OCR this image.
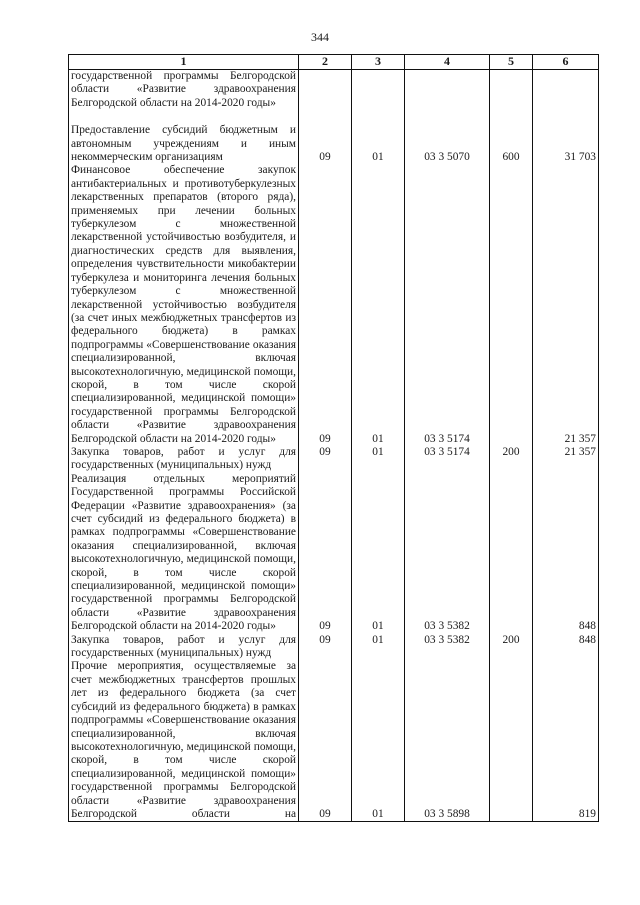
344
1	2	3	4	5	6
государственной программы Белгородской области «Развитие здравоохранения Белгородской области на 2014-2020 годы»					
Предоставление субсидий бюджетным и автономным учреждениям и иным некоммерческим организациям	09	01	03 3 5070	600	31 703
Финансовое обеспечение закупок антибактериальных и противотуберкулезных лекарственных препаратов (второго ряда), применяемых при лечении больных туберкулезом с множественной лекарственной устойчивостью возбудителя, и диагностических средств для выявления, определения чувствительности микобактерии туберкулеза и мониторинга лечения больных туберкулезом с множественной лекарственной устойчивостью возбудителя (за счет иных межбюджетных трансфертов из федерального бюджета) в рамках подпрограммы «Совершенствование оказания специализированной, включая высокотехнологичную, медицинской помощи, скорой, в том числе скорой специализированной, медицинской помощи» государственной программы Белгородской области «Развитие здравоохранения Белгородской области на 2014-2020 годы»	09	01	03 3 5174		21 357
Закупка товаров, работ и услуг для государственных (муниципальных) нужд	09	01	03 3 5174	200	21 357
Реализация отдельных мероприятий Государственной программы Российской Федерации «Развитие здравоохранения» (за счет субсидий из федерального бюджета) в рамках подпрограммы «Совершенствование оказания специализированной, включая высокотехнологичную, медицинской помощи, скорой, в том числе скорой специализированной, медицинской помощи» государственной программы Белгородской области «Развитие здравоохранения Белгородской области на 2014-2020 годы»	09	01	03 3 5382		848
Закупка товаров, работ и услуг для государственных (муниципальных) нужд	09	01	03 3 5382	200	848
Прочие мероприятия, осуществляемые за счет межбюджетных трансфертов прошлых лет из федерального бюджета (за счет субсидий из федерального бюджета) в рамках подпрограммы «Совершенствование оказания специализированной, включая высокотехнологичную, медицинской помощи, скорой, в том числе скорой специализированной, медицинской помощи» государственной программы Белгородской области «Развитие здравоохранения Белгородской области на	09	01	03 3 5898		819
